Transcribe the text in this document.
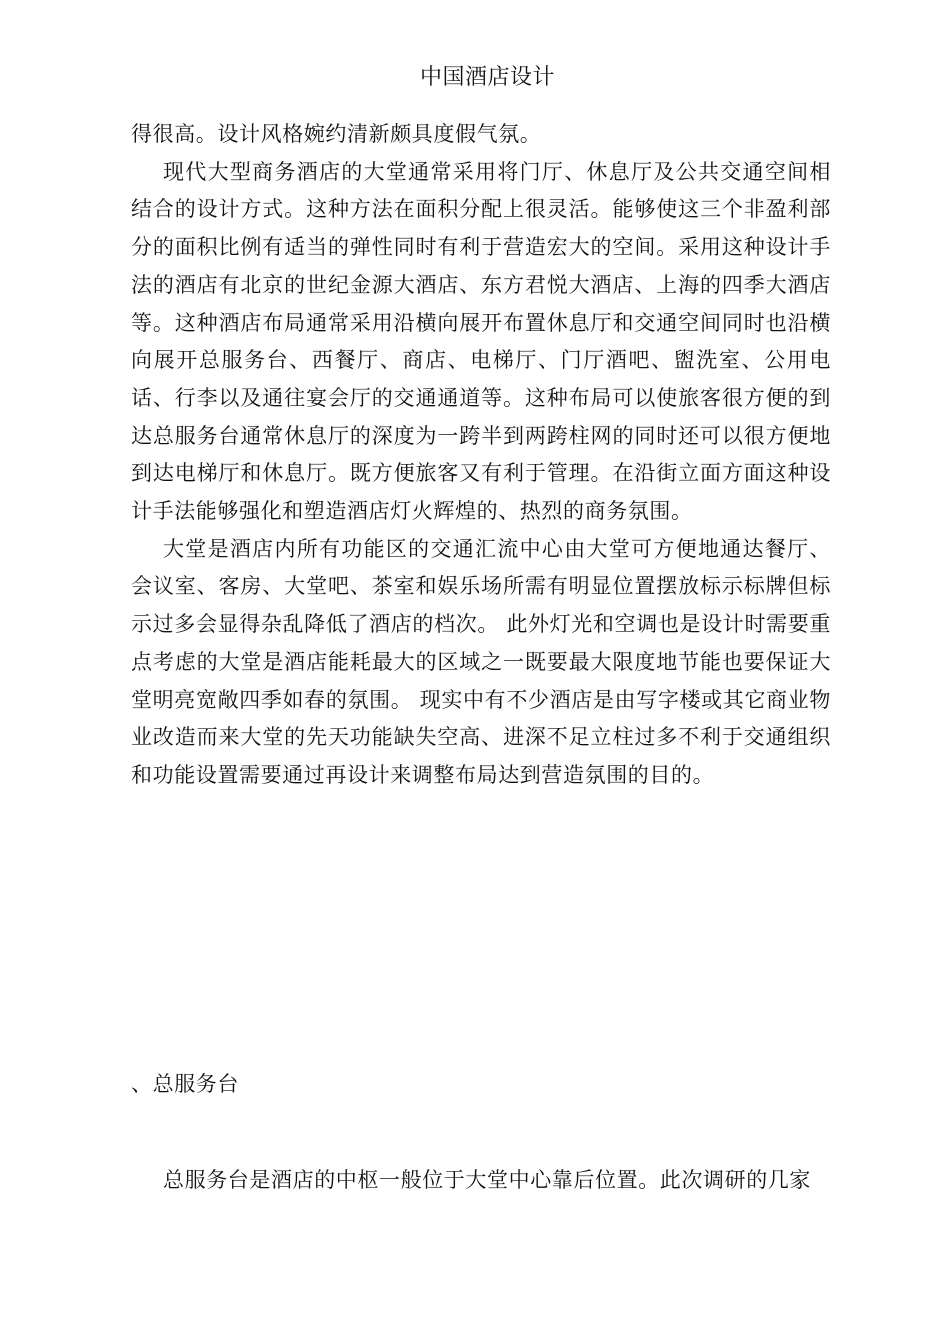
中国酒店设计

得很高。设计风格婉约清新颇具度假气氛。

现代大型商务酒店的大堂通常采用将门厅、休息厅及公共交通空间相结合的设计方式。这种方法在面积分配上很灵活。能够使这三个非盈利部分的面积比例有适当的弹性同时有利于营造宏大的空间。采用这种设计手法的酒店有北京的世纪金源大酒店、东方君悦大酒店、上海的四季大酒店等。这种酒店布局通常采用沿横向展开布置休息厅和交通空间同时也沿横向展开总服务台、西餐厅、商店、电梯厅、门厅酒吧、盥洗室、公用电话、行李以及通往宴会厅的交通通道等。这种布局可以使旅客很方便的到达总服务台通常休息厅的深度为一跨半到两跨柱网的同时还可以很方便地到达电梯厅和休息厅。既方便旅客又有利于管理。在沿街立面方面这种设计手法能够强化和塑造酒店灯火辉煌的、热烈的商务氛围。

大堂是酒店内所有功能区的交通汇流中心由大堂可方便地通达餐厅、会议室、客房、大堂吧、茶室和娱乐场所需有明显位置摆放标示标牌但标示过多会显得杂乱降低了酒店的档次。 此外灯光和空调也是设计时需要重点考虑的大堂是酒店能耗最大的区域之一既要最大限度地节能也要保证大堂明亮宽敞四季如春的氛围。 现实中有不少酒店是由写字楼或其它商业物业改造而来大堂的先天功能缺失空高、进深不足立柱过多不利于交通组织和功能设置需要通过再设计来调整布局达到营造氛围的目的。

、总服务台
总服务台是酒店的中枢一般位于大堂中心靠后位置。此次调研的几家
